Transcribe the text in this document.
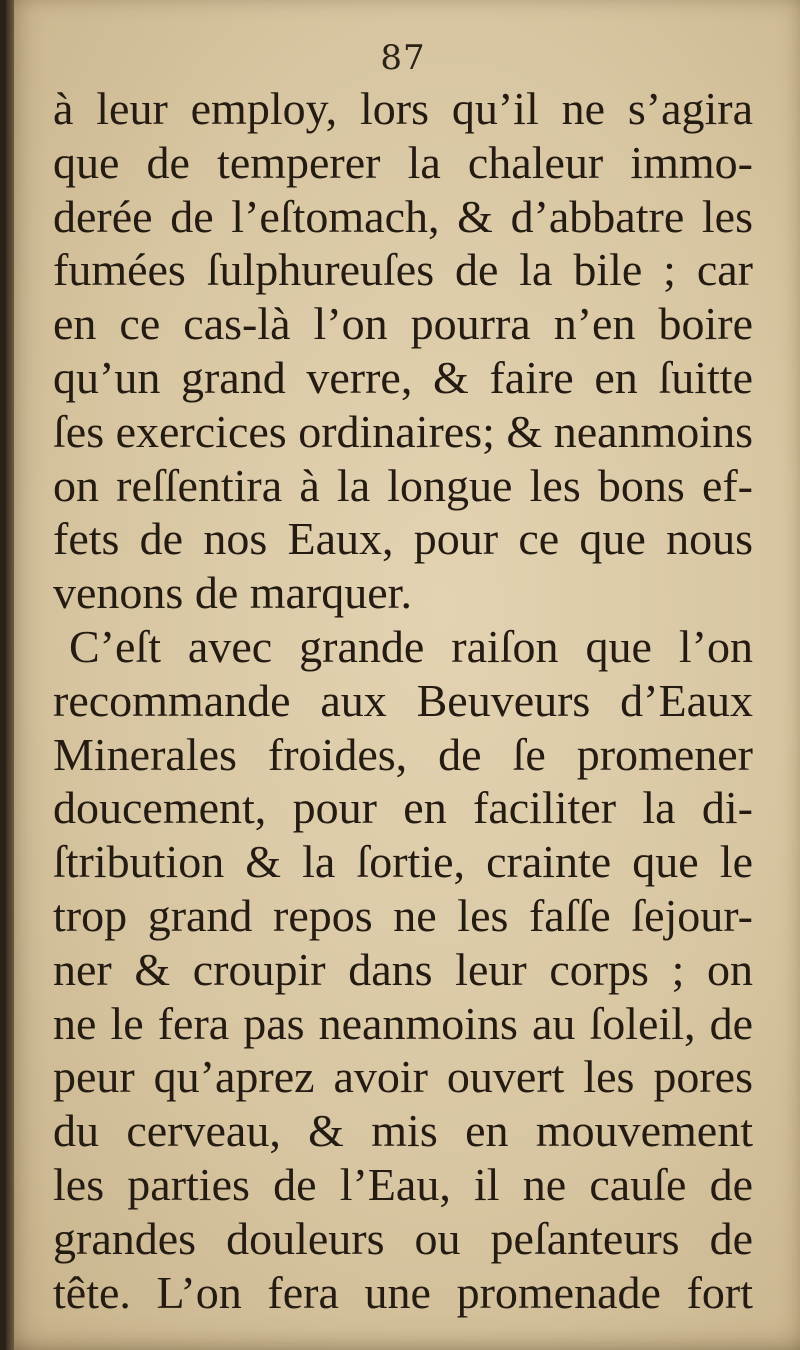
87
à leur employ, lors qu’il ne s’agira
que de temperer la chaleur immo-
derée de l’eſtomach, & d’abbatre les
fumées ſulphureuſes de la bile ; car
en ce cas-là l’on pourra n’en boire
qu’un grand verre, & faire en ſuitte
ſes exercices ordinaires; & neanmoins
on reſſentira à la longue les bons ef-
fets de nos Eaux, pour ce que nous
venons de marquer.
C’eſt avec grande raiſon que l’on
recommande aux Beuveurs d’Eaux
Minerales froides, de ſe promener
doucement, pour en faciliter la di-
ſtribution & la ſortie, crainte que le
trop grand repos ne les faſſe ſejour-
ner & croupir dans leur corps ; on
ne le fera pas neanmoins au ſoleil, de
peur qu’aprez avoir ouvert les pores
du cerveau, & mis en mouvement
les parties de l’Eau, il ne cauſe de
grandes douleurs ou peſanteurs de
tête. L’on fera une promenade fort
